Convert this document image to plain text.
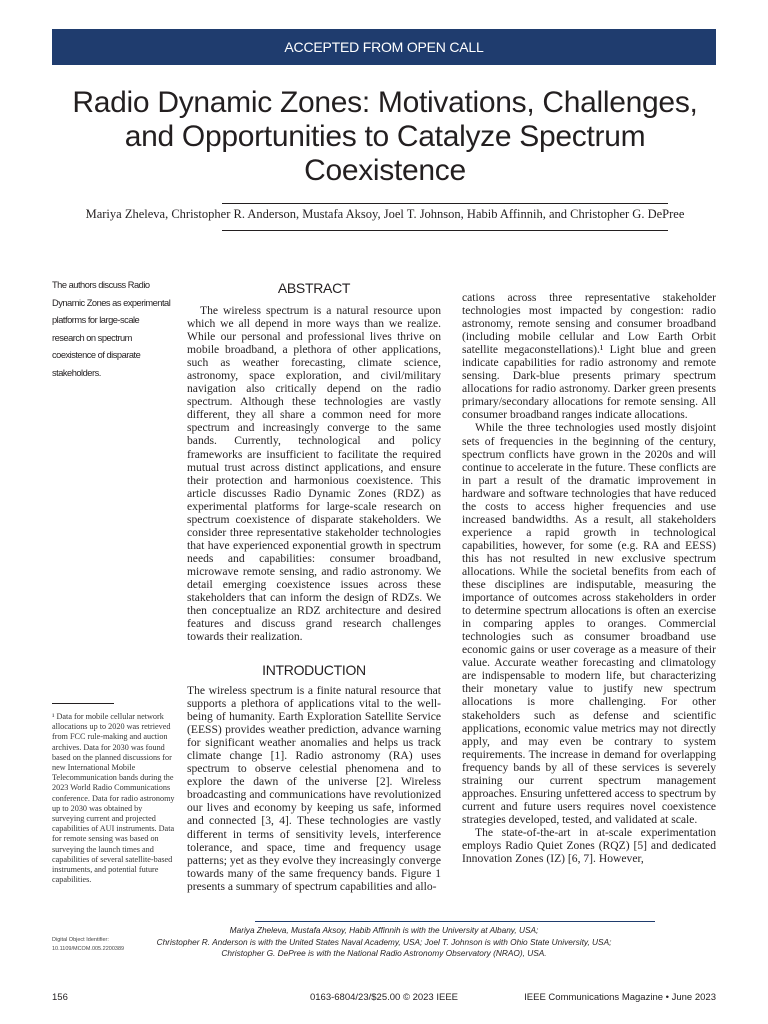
ACCEPTED FROM OPEN CALL
Radio Dynamic Zones: Motivations, Challenges, and Opportunities to Catalyze Spectrum Coexistence
Mariya Zheleva, Christopher R. Anderson, Mustafa Aksoy, Joel T. Johnson, Habib Affinnih, and Christopher G. DePree
The authors discuss Radio Dynamic Zones as experimental platforms for large-scale research on spectrum coexistence of disparate stakeholders.
ABSTRACT

The wireless spectrum is a natural resource upon which we all depend in more ways than we realize. While our personal and professional lives thrive on mobile broadband, a plethora of other applications, such as weather forecasting, climate science, astronomy, space exploration, and civil/military navigation also critically depend on the radio spectrum. Although these technologies are vastly different, they all share a common need for more spectrum and increasingly converge to the same bands. Currently, technological and policy frameworks are insufficient to facilitate the required mutual trust across distinct applications, and ensure their protection and harmonious coexistence. This article discusses Radio Dynamic Zones (RDZ) as experimental platforms for large-scale research on spectrum coexistence of disparate stakeholders. We consider three representative stakeholder technologies that have experienced exponential growth in spectrum needs and capabilities: consumer broadband, microwave remote sensing, and radio astronomy. We detail emerging coexistence issues across these stakeholders that can inform the design of RDZs. We then conceptualize an RDZ architecture and desired features and discuss grand research challenges towards their realization.

INTRODUCTION

The wireless spectrum is a finite natural resource that supports a plethora of applications vital to the well-being of humanity. Earth Exploration Satellite Service (EESS) provides weather prediction, advance warning for significant weather anomalies and helps us track climate change [1]. Radio astronomy (RA) uses spectrum to observe celestial phenomena and to explore the dawn of the universe [2]. Wireless broadcasting and communications have revolutionized our lives and economy by keeping us safe, informed and connected [3, 4]. These technologies are vastly different in terms of sensitivity levels, interference tolerance, and space, time and frequency usage patterns; yet as they evolve they increasingly converge towards many of the same frequency bands. Figure 1 presents a summary of spectrum capabilities and allo-

cations across three representative stakeholder technologies most impacted by congestion: radio astronomy, remote sensing and consumer broadband (including mobile cellular and Low Earth Orbit satellite megaconstellations).¹ Light blue and green indicate capabilities for radio astronomy and remote sensing. Dark-blue presents primary spectrum allocations for radio astronomy. Darker green presents primary/secondary allocations for remote sensing. All consumer broadband ranges indicate allocations.

While the three technologies used mostly disjoint sets of frequencies in the beginning of the century, spectrum conflicts have grown in the 2020s and will continue to accelerate in the future. These conflicts are in part a result of the dramatic improvement in hardware and software technologies that have reduced the costs to access higher frequencies and use increased bandwidths. As a result, all stakeholders experience a rapid growth in technological capabilities, however, for some (e.g. RA and EESS) this has not resulted in new exclusive spectrum allocations. While the societal benefits from each of these disciplines are indisputable, measuring the importance of outcomes across stakeholders in order to determine spectrum allocations is often an exercise in comparing apples to oranges. Commercial technologies such as consumer broadband use economic gains or user coverage as a measure of their value. Accurate weather forecasting and climatology are indispensable to modern life, but characterizing their monetary value to justify new spectrum allocations is more challenging. For other stakeholders such as defense and scientific applications, economic value metrics may not directly apply, and may even be contrary to system requirements. The increase in demand for overlapping frequency bands by all of these services is severely straining our current spectrum management approaches. Ensuring unfettered access to spectrum by current and future users requires novel coexistence strategies developed, tested, and validated at scale.

The state-of-the-art in at-scale experimentation employs Radio Quiet Zones (RQZ) [5] and dedicated Innovation Zones (IZ) [6, 7]. However,

¹ Data for mobile cellular network allocations up to 2020 was retrieved from FCC rule-making and auction archives. Data for 2030 was found based on the planned discussions for new International Mobile Telecommunication bands during the 2023 World Radio Communications conference. Data for radio astronomy up to 2030 was obtained by surveying current and projected capabilities of AUI instruments. Data for remote sensing was based on surveying the launch times and capabilities of several satellite-based instruments, and potential future capabilities.
Digital Object Identifier:
10.1109/MCOM.005.2200389
Mariya Zheleva, Mustafa Aksoy, Habib Affinnih is with the University at Albany, USA;
Christopher R. Anderson is with the United States Naval Academy, USA; Joel T. Johnson is with Ohio State University, USA;
Christopher G. DePree is with the National Radio Astronomy Observatory (NRAO), USA.
156	0163-6804/23/$25.00 © 2023 IEEE	IEEE Communications Magazine • June 2023
